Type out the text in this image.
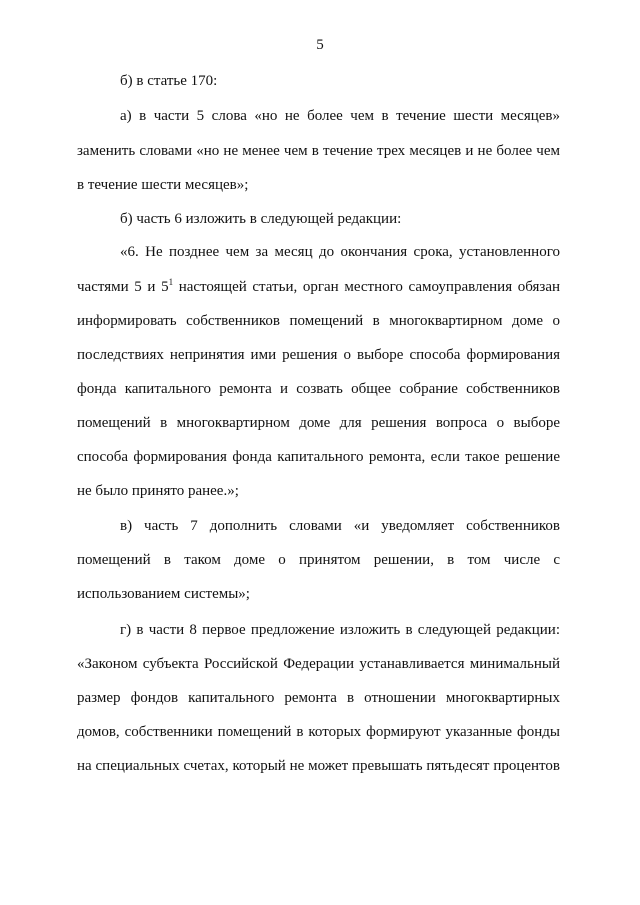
5
б) в статье 170:
а) в части 5 слова «но не более чем в течение шести месяцев»
заменить словами «но не менее чем в течение трех месяцев и не более чем
в течение шести месяцев»;
б) часть 6 изложить в следующей редакции:
«6. Не позднее чем за месяц до окончания срока, установленного
частями 5 и $5^1$ настоящей статьи, орган местного самоуправления обязан
информировать собственников помещений в многоквартирном доме о
последствиях непринятия ими решения о выборе способа формирования
фонда капитального ремонта и созвать общее собрание собственников
помещений в многоквартирном доме для решения вопроса о выборе
способа формирования фонда капитального ремонта, если такое решение
не было принято ранее.»;
в) часть 7 дополнить словами «и уведомляет собственников
помещений в таком доме о принятом решении, в том числе с
использованием системы»;
г) в части 8 первое предложение изложить в следующей редакции:
«Законом субъекта Российской Федерации устанавливается минимальный
размер фондов капитального ремонта в отношении многоквартирных
домов, собственники помещений в которых формируют указанные фонды
на специальных счетах, который не может превышать пятьдесят процентов
